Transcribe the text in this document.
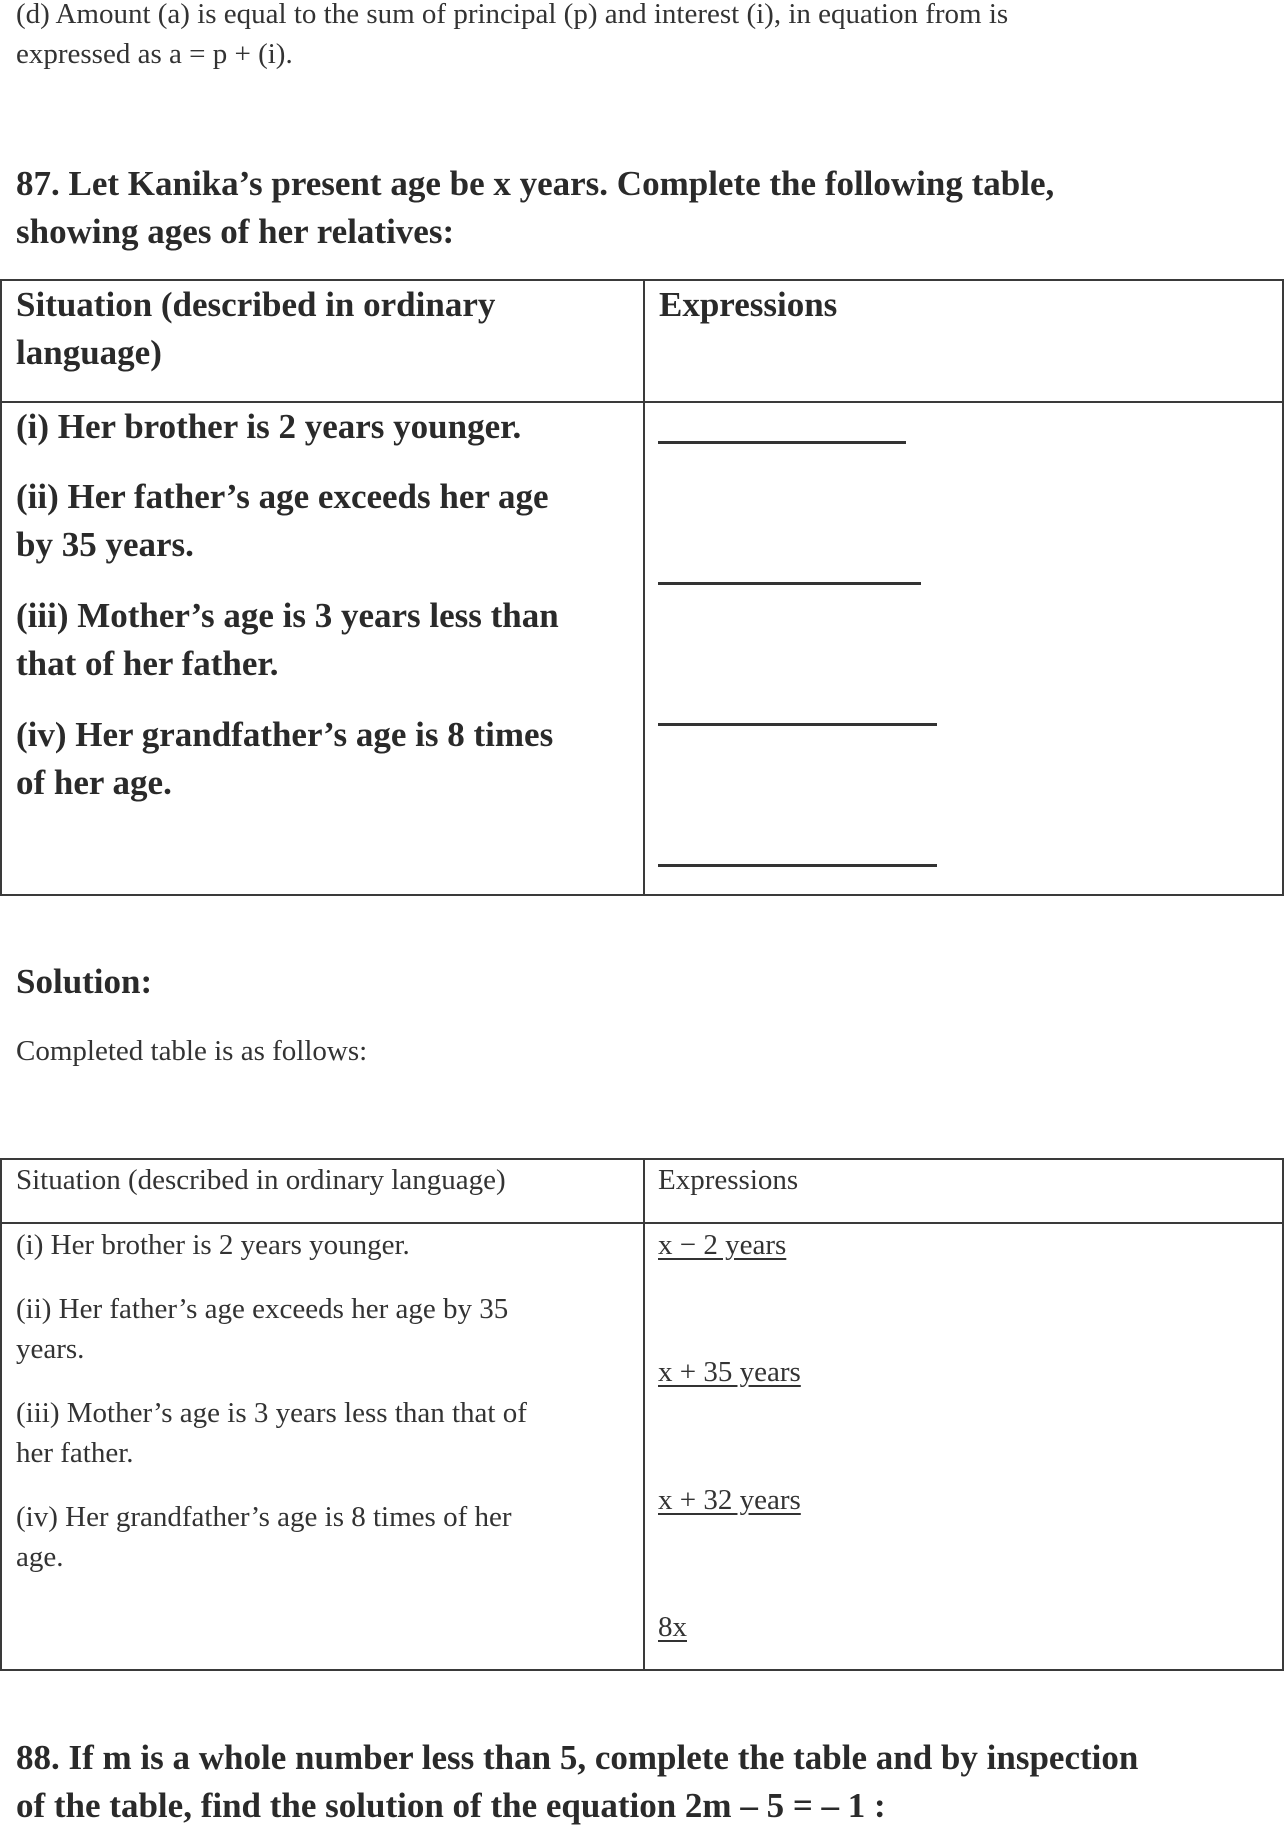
(d) Amount (a) is equal to the sum of principal (p) and interest (i), in equation from is
expressed as a = p + (i).
87. Let Kanika’s present age be x years. Complete the following table,
showing ages of her relatives:
Situation (described in ordinary
language)
Expressions
(i) Her brother is 2 years younger.
(ii) Her father’s age exceeds her age
by 35 years.
(iii) Mother’s age is 3 years less than
that of her father.
(iv) Her grandfather’s age is 8 times
of her age.
Solution:
Completed table is as follows:
Situation (described in ordinary language)	Expressions
(i) Her brother is 2 years younger.
(ii) Her father’s age exceeds her age by 35
years.
(iii) Mother’s age is 3 years less than that of
her father.
(iv) Her grandfather’s age is 8 times of her
age.
x − 2 years
x + 35 years
x + 32 years
8x
88. If m is a whole number less than 5, complete the table and by inspection
of the table, find the solution of the equation 2m – 5 = – 1 :
